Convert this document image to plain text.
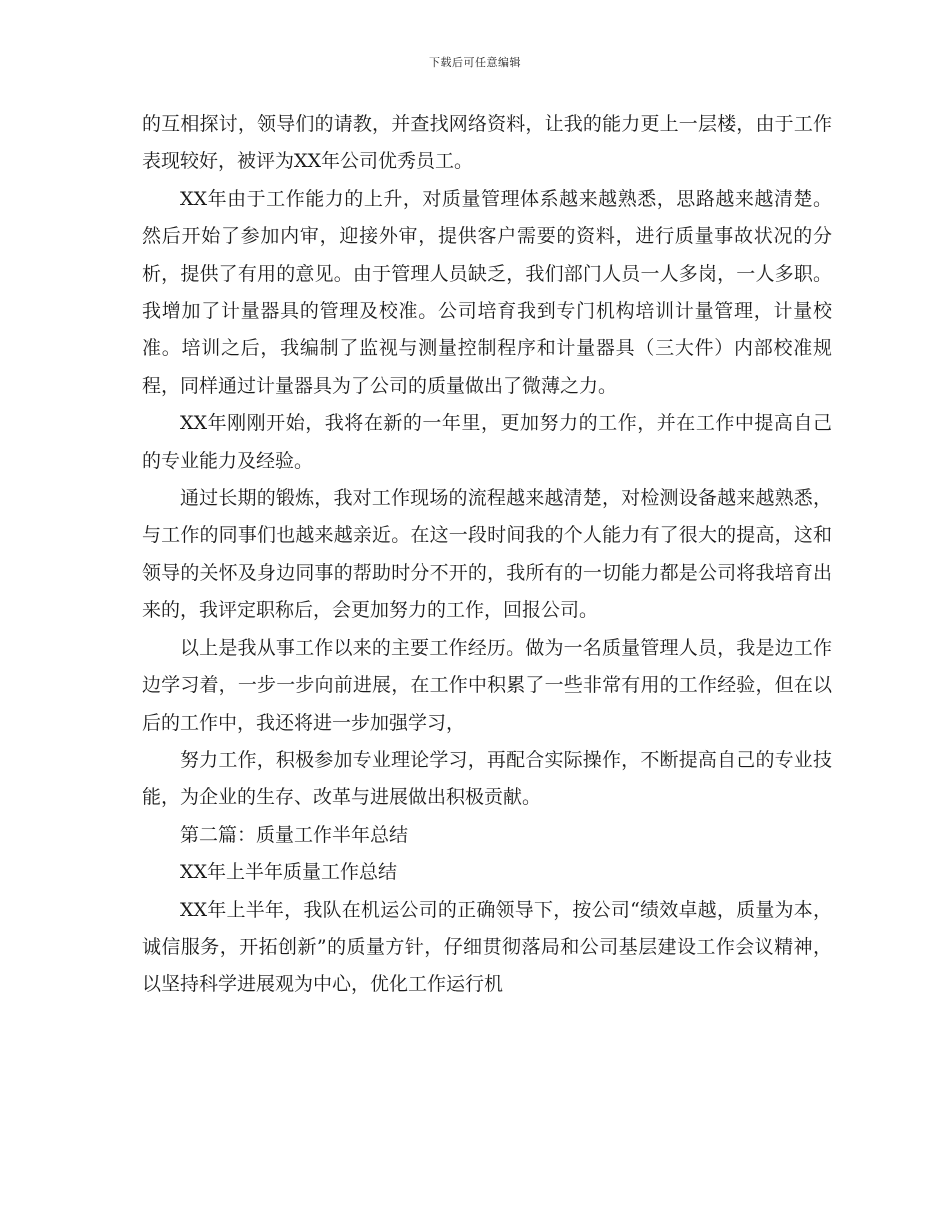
下载后可任意编辑

的互相探讨，领导们的请教，并查找网络资料，让我的能力更上一层楼，由于工作表现较好，被评为XX年公司优秀员工。

XX年由于工作能力的上升，对质量管理体系越来越熟悉，思路越来越清楚。然后开始了参加内审，迎接外审，提供客户需要的资料，进行质量事故状况的分析，提供了有用的意见。由于管理人员缺乏，我们部门人员一人多岗，一人多职。我增加了计量器具的管理及校准。公司培育我到专门机构培训计量管理，计量校准。培训之后，我编制了监视与测量控制程序和计量器具（三大件）内部校准规程，同样通过计量器具为了公司的质量做出了微薄之力。

XX年刚刚开始，我将在新的一年里，更加努力的工作，并在工作中提高自己的专业能力及经验。

通过长期的锻炼，我对工作现场的流程越来越清楚，对检测设备越来越熟悉，与工作的同事们也越来越亲近。在这一段时间我的个人能力有了很大的提高，这和领导的关怀及身边同事的帮助时分不开的，我所有的一切能力都是公司将我培育出来的，我评定职称后，会更加努力的工作，回报公司。

以上是我从事工作以来的主要工作经历。做为一名质量管理人员，我是边工作边学习着，一步一步向前进展，在工作中积累了一些非常有用的工作经验，但在以后的工作中，我还将进一步加强学习，

努力工作，积极参加专业理论学习，再配合实际操作，不断提高自己的专业技能，为企业的生存、改革与进展做出积极贡献。

第二篇：质量工作半年总结

XX年上半年质量工作总结

XX年上半年，我队在机运公司的正确领导下，按公司“绩效卓越，质量为本，诚信服务，开拓创新”的质量方针，仔细贯彻落局和公司基层建设工作会议精神，以坚持科学进展观为中心，优化工作运行机
